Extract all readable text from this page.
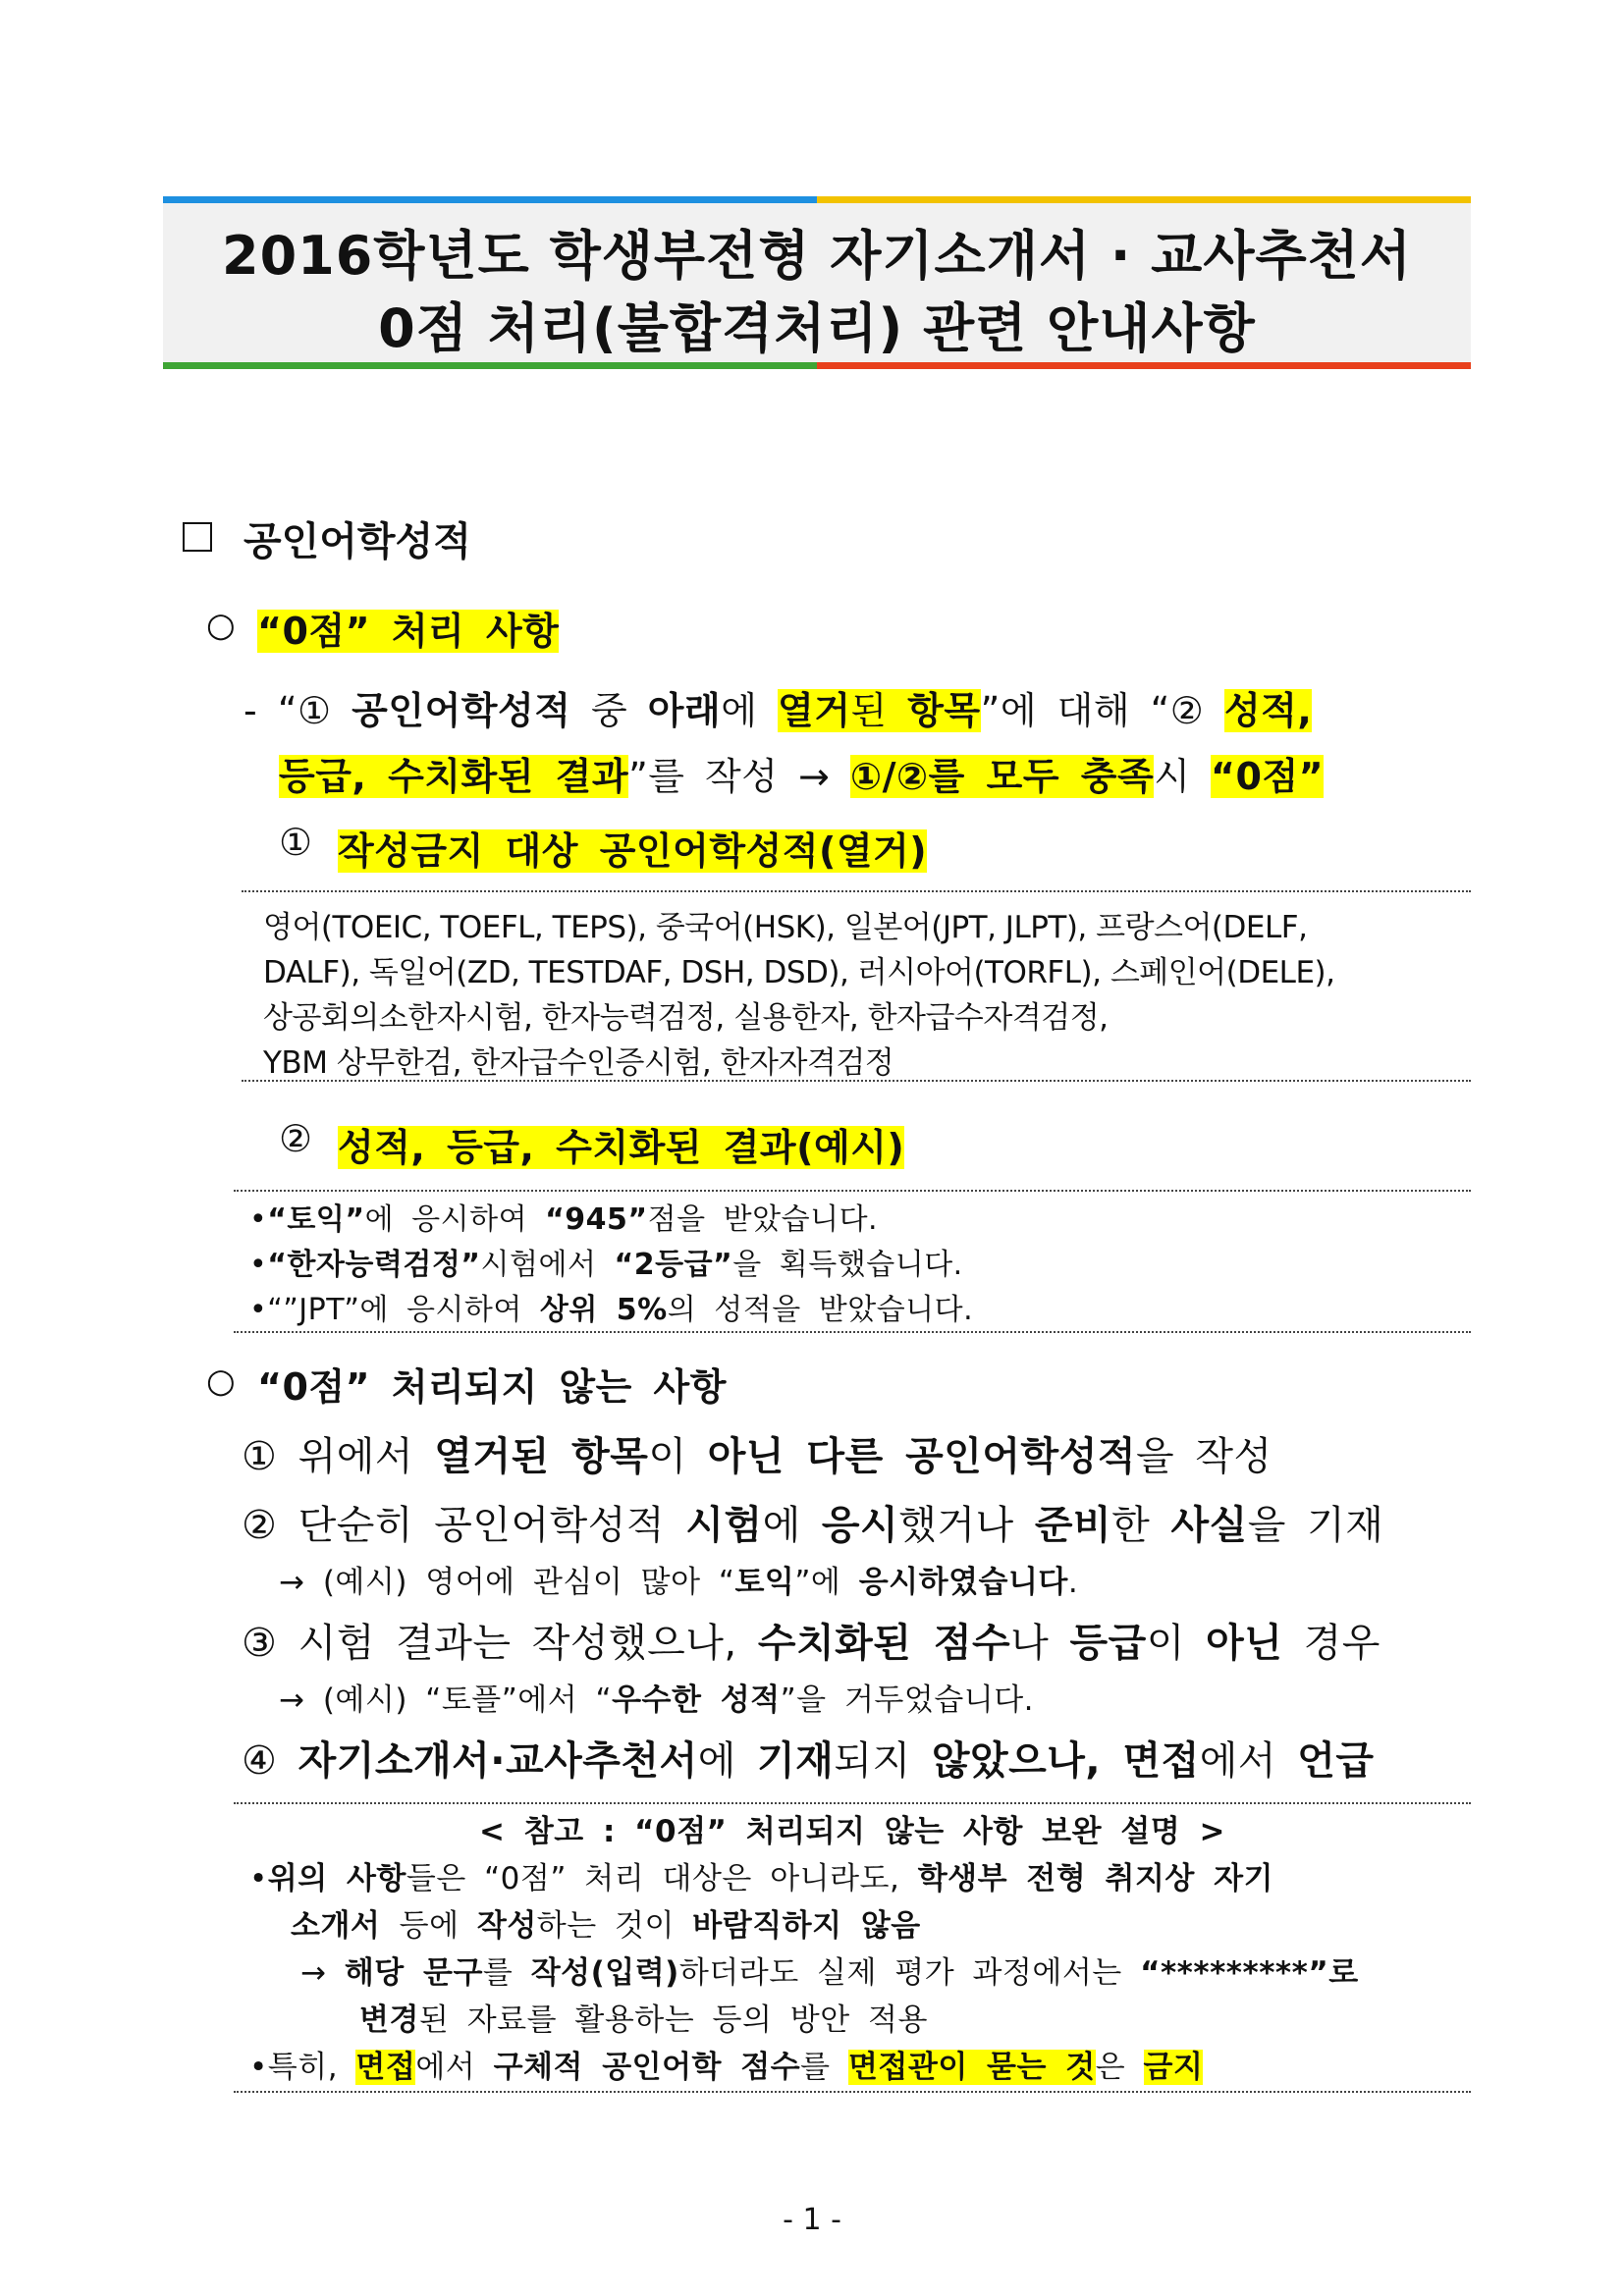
2016학년도 학생부전형 자기소개서 · 교사추천서
0점 처리(불합격처리) 관련 안내사항
공인어학성적
○ “0점” 처리 사항
- “① 공인어학성적 중 아래에 열거된 항목”에 대해 “② 성적,
등급, 수치화된 결과”를 작성 → ①/②를 모두 충족시 “0점”
① 작성금지 대상 공인어학성적(열거)
영어(TOEIC, TOEFL, TEPS), 중국어(HSK), 일본어(JPT, JLPT), 프랑스어(DELF,
DALF), 독일어(ZD, TESTDAF, DSH, DSD), 러시아어(TORFL), 스페인어(DELE),
상공회의소한자시험, 한자능력검정, 실용한자, 한자급수자격검정,
YBM 상무한검, 한자급수인증시험, 한자자격검정
② 성적, 등급, 수치화된 결과(예시)
•“토익”에 응시하여 “945”점을 받았습니다.
•“한자능력검정”시험에서 “2등급”을 획득했습니다.
•“”JPT”에 응시하여 상위 5%의 성적을 받았습니다.
○ “0점” 처리되지 않는 사항
① 위에서 열거된 항목이 아닌 다른 공인어학성적을 작성
② 단순히 공인어학성적 시험에 응시했거나 준비한 사실을 기재
→ (예시) 영어에 관심이 많아 “토익”에 응시하였습니다.
③ 시험 결과는 작성했으나, 수치화된 점수나 등급이 아닌 경우
→ (예시) “토플”에서 “우수한 성적”을 거두었습니다.
④ 자기소개서·교사추천서에 기재되지 않았으나, 면접에서 언급
< 참고 : “0점” 처리되지 않는 사항 보완 설명 >
•위의 사항들은 “0점” 처리 대상은 아니라도, 학생부 전형 취지상 자기
소개서 등에 작성하는 것이 바람직하지 않음
→ 해당 문구를 작성(입력)하더라도 실제 평가 과정에서는 “*********”로
변경된 자료를 활용하는 등의 방안 적용
•특히, 면접에서 구체적 공인어학 점수를 면접관이 묻는 것은 금지
- 1 -
